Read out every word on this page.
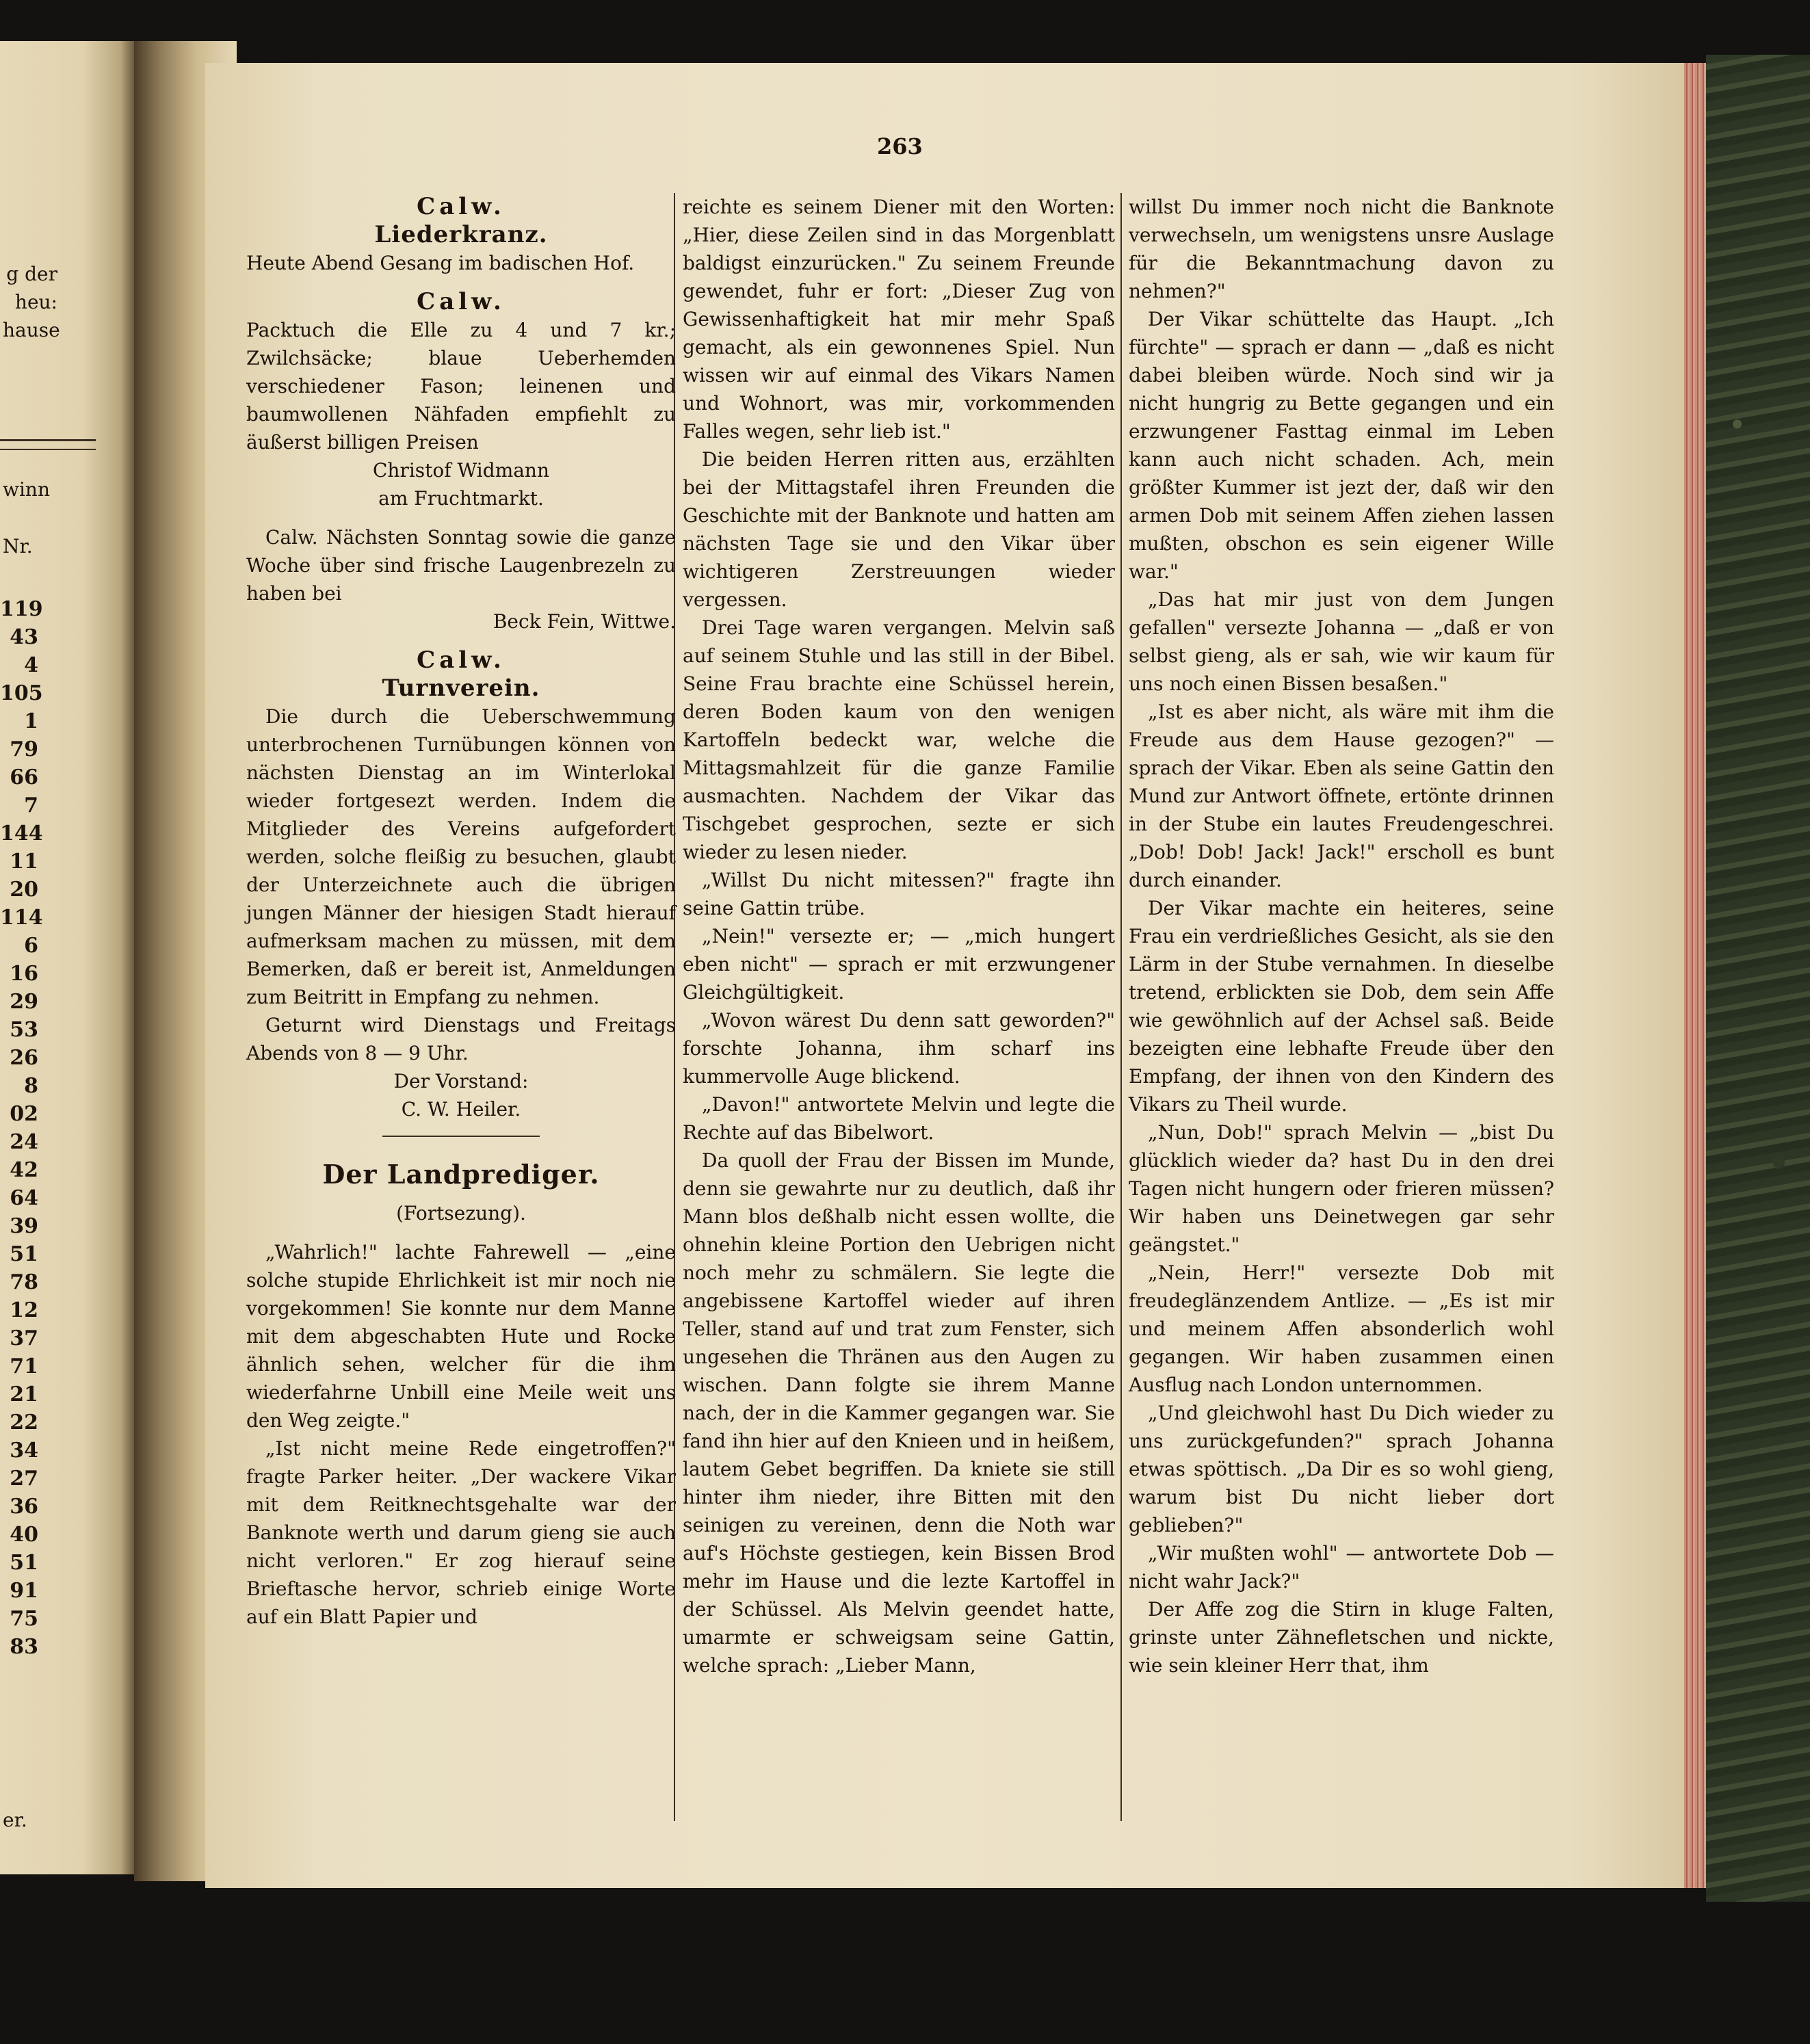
g der
heu:
hause
winn
Nr.
119
43
4
105
1
79
66
7
144
11
20
114
6
16
29
53
26
8
02
24
42
64
39
51
78
12
37
71
21
22
34
27
36
40
51
91
75
83
er.
263

Calw.

Liederkranz.

Heute Abend Gesang im badischen Hof.

Calw.

Packtuch die Elle zu 4 und 7 kr.; Zwilchsäcke; blaue Ueberhemden verschiedener Fason; leinenen und baumwollenen Nähfaden empfiehlt zu äußerst billigen Preisen

Christof Widmann

am Fruchtmarkt.

Calw. Nächsten Sonntag sowie die ganze Woche über sind frische Laugenbrezeln zu haben bei

Beck Fein, Wittwe.

Calw.

Turnverein.

Die durch die Ueberschwemmung unterbrochenen Turnübungen können von nächsten Dienstag an im Winterlokal wieder fortgesezt werden. Indem die Mitglieder des Vereins aufgefordert werden, solche fleißig zu besuchen, glaubt der Unterzeichnete auch die übrigen jungen Männer der hiesigen Stadt hierauf aufmerksam machen zu müssen, mit dem Bemerken, daß er bereit ist, Anmeldungen zum Beitritt in Empfang zu nehmen.

Geturnt wird Dienstags und Freitags Abends von 8 — 9 Uhr.

Der Vorstand:

C. W. Heiler.

Der Landprediger.

(Fortsezung).

„Wahrlich!" lachte Fahrewell — „eine solche stupide Ehrlichkeit ist mir noch nie vorgekommen! Sie konnte nur dem Manne mit dem abgeschabten Hute und Rocke ähnlich sehen, welcher für die ihm wiederfahrne Unbill eine Meile weit uns den Weg zeigte."

„Ist nicht meine Rede eingetroffen?" fragte Parker heiter. „Der wackere Vikar mit dem Reitknechtsgehalte war der Banknote werth und darum gieng sie auch nicht verloren." Er zog hierauf seine Brieftasche hervor, schrieb einige Worte auf ein Blatt Papier und

reichte es seinem Diener mit den Worten: „Hier, diese Zeilen sind in das Morgenblatt baldigst einzurücken." Zu seinem Freunde gewendet, fuhr er fort: „Dieser Zug von Gewissenhaftigkeit hat mir mehr Spaß gemacht, als ein gewonnenes Spiel. Nun wissen wir auf einmal des Vikars Namen und Wohnort, was mir, vorkommenden Falles wegen, sehr lieb ist."

Die beiden Herren ritten aus, erzählten bei der Mittagstafel ihren Freunden die Geschichte mit der Banknote und hatten am nächsten Tage sie und den Vikar über wichtigeren Zerstreuungen wieder vergessen.

Drei Tage waren vergangen. Melvin saß auf seinem Stuhle und las still in der Bibel. Seine Frau brachte eine Schüssel herein, deren Boden kaum von den wenigen Kartoffeln bedeckt war, welche die Mittagsmahlzeit für die ganze Familie ausmachten. Nachdem der Vikar das Tischgebet gesprochen, sezte er sich wieder zu lesen nieder.

„Willst Du nicht mitessen?" fragte ihn seine Gattin trübe.

„Nein!" versezte er; — „mich hungert eben nicht" — sprach er mit erzwungener Gleichgültigkeit.

„Wovon wärest Du denn satt geworden?" forschte Johanna, ihm scharf ins kummervolle Auge blickend.

„Davon!" antwortete Melvin und legte die Rechte auf das Bibelwort.

Da quoll der Frau der Bissen im Munde, denn sie gewahrte nur zu deutlich, daß ihr Mann blos deßhalb nicht essen wollte, die ohnehin kleine Portion den Uebrigen nicht noch mehr zu schmälern. Sie legte die angebissene Kartoffel wieder auf ihren Teller, stand auf und trat zum Fenster, sich ungesehen die Thränen aus den Augen zu wischen. Dann folgte sie ihrem Manne nach, der in die Kammer gegangen war. Sie fand ihn hier auf den Knieen und in heißem, lautem Gebet begriffen. Da kniete sie still hinter ihm nieder, ihre Bitten mit den seinigen zu vereinen, denn die Noth war auf's Höchste gestiegen, kein Bissen Brod mehr im Hause und die lezte Kartoffel in der Schüssel. Als Melvin geendet hatte, umarmte er schweigsam seine Gattin, welche sprach: „Lieber Mann,

willst Du immer noch nicht die Banknote verwechseln, um wenigstens unsre Auslage für die Bekanntmachung davon zu nehmen?"

Der Vikar schüttelte das Haupt. „Ich fürchte" — sprach er dann — „daß es nicht dabei bleiben würde. Noch sind wir ja nicht hungrig zu Bette gegangen und ein erzwungener Fasttag einmal im Leben kann auch nicht schaden. Ach, mein größter Kummer ist jezt der, daß wir den armen Dob mit seinem Affen ziehen lassen mußten, obschon es sein eigener Wille war."

„Das hat mir just von dem Jungen gefallen" versezte Johanna — „daß er von selbst gieng, als er sah, wie wir kaum für uns noch einen Bissen besaßen."

„Ist es aber nicht, als wäre mit ihm die Freude aus dem Hause gezogen?" — sprach der Vikar. Eben als seine Gattin den Mund zur Antwort öffnete, ertönte drinnen in der Stube ein lautes Freudengeschrei. „Dob! Dob! Jack! Jack!" erscholl es bunt durch einander.

Der Vikar machte ein heiteres, seine Frau ein verdrießliches Gesicht, als sie den Lärm in der Stube vernahmen. In dieselbe tretend, erblickten sie Dob, dem sein Affe wie gewöhnlich auf der Achsel saß. Beide bezeigten eine lebhafte Freude über den Empfang, der ihnen von den Kindern des Vikars zu Theil wurde.

„Nun, Dob!" sprach Melvin — „bist Du glücklich wieder da? hast Du in den drei Tagen nicht hungern oder frieren müssen? Wir haben uns Deinetwegen gar sehr geängstet."

„Nein, Herr!" versezte Dob mit freudeglänzendem Antlize. — „Es ist mir und meinem Affen absonderlich wohl gegangen. Wir haben zusammen einen Ausflug nach London unternommen.

„Und gleichwohl hast Du Dich wieder zu uns zurückgefunden?" sprach Johanna etwas spöttisch. „Da Dir es so wohl gieng, warum bist Du nicht lieber dort geblieben?"

„Wir mußten wohl" — antwortete Dob — nicht wahr Jack?"

Der Affe zog die Stirn in kluge Falten, grinste unter Zähnefletschen und nickte, wie sein kleiner Herr that, ihm
